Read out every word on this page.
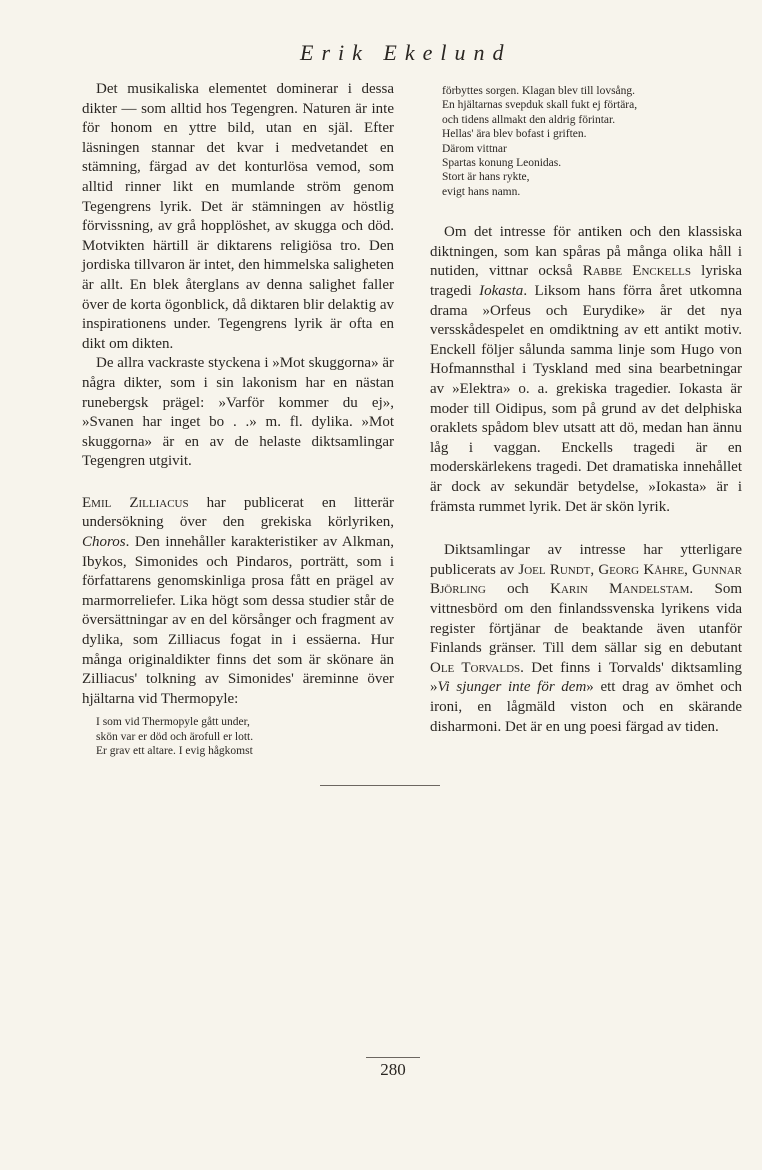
Erik Ekelund

Det musikaliska elementet dominerar i dessa dikter — som alltid hos Tegengren. Naturen är inte för honom en yttre bild, utan en själ. Efter läsningen stannar det kvar i medvetandet en stämning, färgad av det konturlösa vemod, som alltid rinner likt en mumlande ström genom Tegengrens lyrik. Det är stämningen av höstlig förvissning, av grå hopplöshet, av skugga och död. Motvikten härtill är diktarens religiösa tro. Den jordiska tillvaron är intet, den himmelska saligheten är allt. En blek återglans av denna salighet faller över de korta ögonblick, då diktaren blir delaktig av inspirationens under. Tegengrens lyrik är ofta en dikt om dikten.

De allra vackraste styckena i »Mot skuggorna» är några dikter, som i sin lakonism har en nästan runebergsk prägel: »Varför kommer du ej», »Svanen har inget bo . .» m. fl. dylika. »Mot skuggorna» är en av de helaste diktsamlingar Tegengren utgivit.

Emil Zilliacus har publicerat en litterär undersökning över den grekiska körlyriken, Choros. Den innehåller karakteristiker av Alkman, Ibykos, Simonides och Pindaros, porträtt, som i författarens genomskinliga prosa fått en prägel av marmorreliefer. Lika högt som dessa studier står de översättningar av en del körsånger och fragment av dylika, som Zilliacus fogat in i essäerna. Hur många originaldikter finns det som är skönare än Zilliacus' tolkning av Simonides' äreminne över hjältarna vid Thermopyle:

I som vid Thermopyle gått under,
skön var er död och ärofull er lott.
Er grav ett altare. I evig hågkomst
förbyttes sorgen. Klagan blev till lovsång.
En hjältarnas svepduk skall fukt ej förtära,
och tidens allmakt den aldrig förintar.
Hellas' ära blev bofast i griften.
Därom vittnar
Spartas konung Leonidas.
Stort är hans rykte,
evigt hans namn.

Om det intresse för antiken och den klassiska diktningen, som kan spåras på många olika håll i nutiden, vittnar också Rabbe Enckells lyriska tragedi Iokasta. Liksom hans förra året utkomna drama »Orfeus och Eurydike» är det nya versskådespelet en omdiktning av ett antikt motiv. Enckell följer sålunda samma linje som Hugo von Hofmannsthal i Tyskland med sina bearbetningar av »Elektra» o. a. grekiska tragedier. Iokasta är moder till Oidipus, som på grund av det delphiska oraklets spådom blev utsatt att dö, medan han ännu låg i vaggan. Enckells tragedi är en moderskärlekens tragedi. Det dramatiska innehållet är dock av sekundär betydelse, »Iokasta» är i främsta rummet lyrik. Det är skön lyrik.

Diktsamlingar av intresse har ytterligare publicerats av Joel Rundt, Georg Kåhre, Gunnar Björling och Karin Mandelstam. Som vittnesbörd om den finlandssvenska lyrikens vida register förtjänar de beaktande även utanför Finlands gränser. Till dem sällar sig en debutant Ole Torvalds. Det finns i Torvalds' diktsamling »Vi sjunger inte för dem» ett drag av ömhet och ironi, en lågmäld viston och en skärande disharmoni. Det är en ung poesi färgad av tiden.

280
